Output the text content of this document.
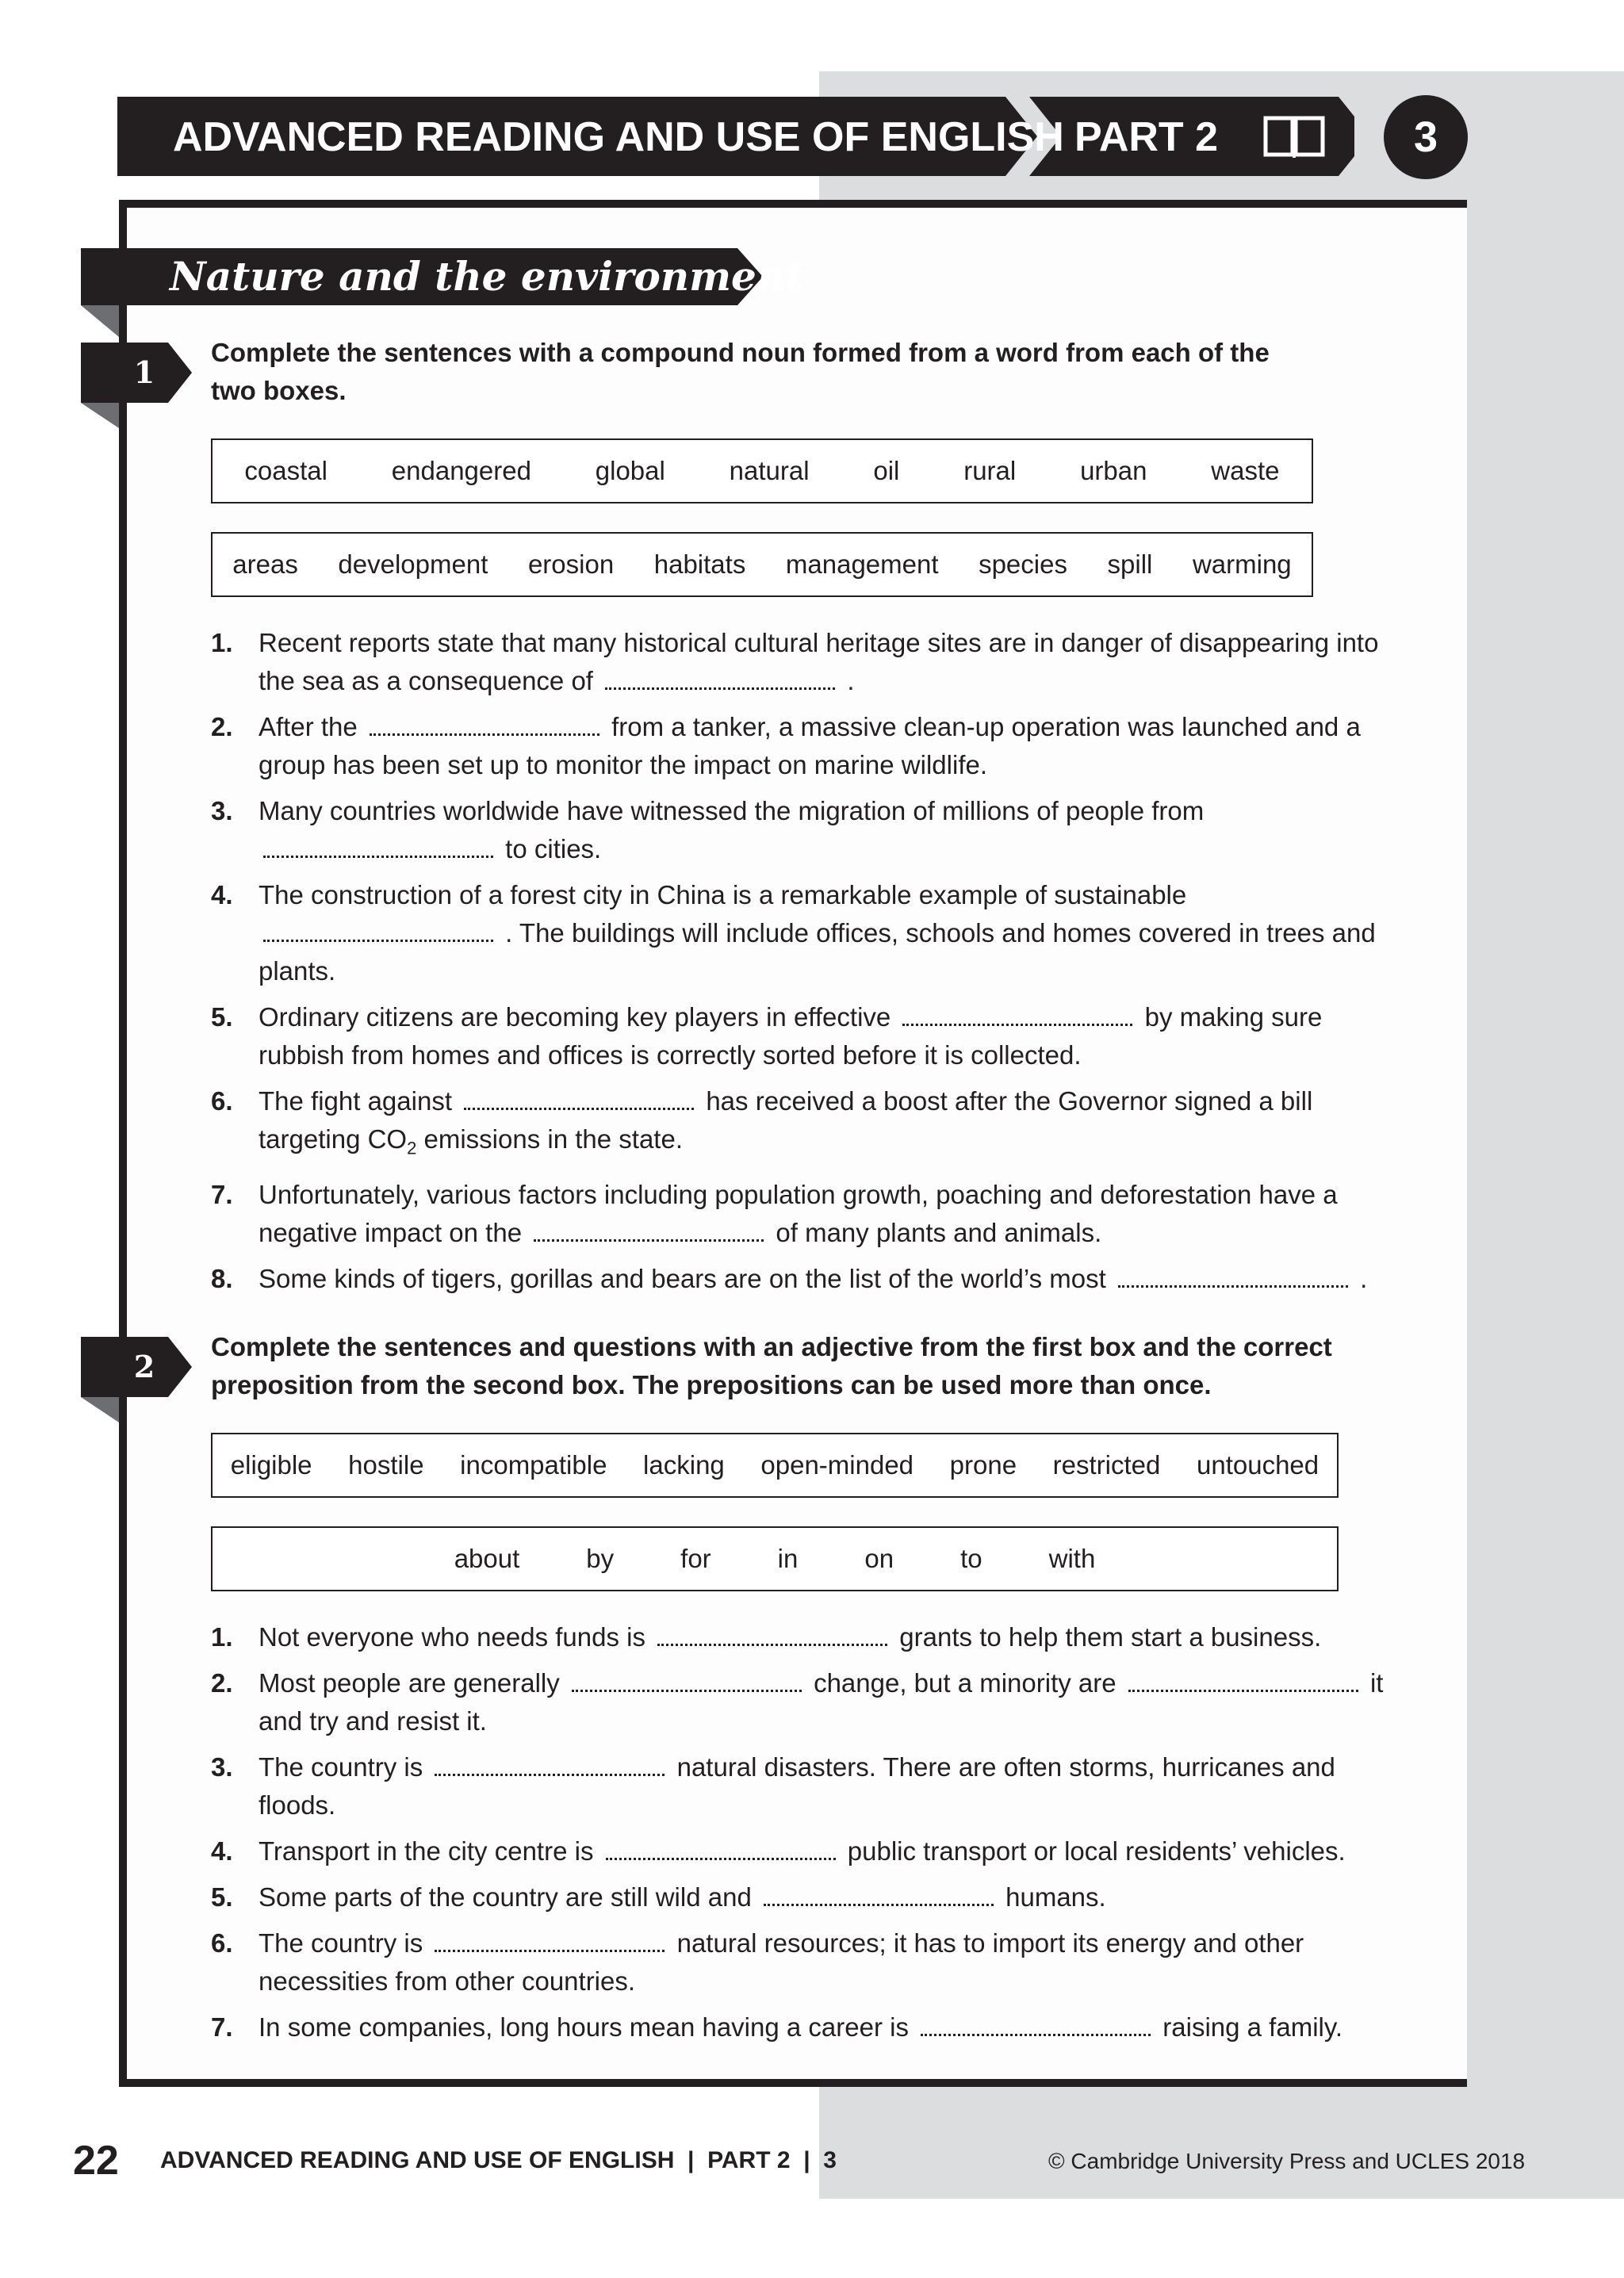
ADVANCED READING AND USE OF ENGLISH PART 2	3
Nature and the environment
1
Complete the sentences with a compound noun formed from a word from each of the two boxes.
coastal endangered global natural oil rural urban waste
areas development erosion habitats management species spill warming
1. Recent reports state that many historical cultural heritage sites are in danger of disappearing into the sea as a consequence of	.
2. After the	from a tanker, a massive clean-up operation was launched and a group has been set up to monitor the impact on marine wildlife.
3. Many countries worldwide have witnessed the migration of millions of people from  to cities.
4. The construction of a forest city in China is a remarkable example of sustainable  . The buildings will include offices, schools and homes covered in trees and plants.
5. Ordinary citizens are becoming key players in effective	by making sure rubbish from homes and offices is correctly sorted before it is collected.
6. The fight against	has received a boost after the Governor signed a bill targeting $CO_2$ emissions in the state.
7. Unfortunately, various factors including population growth, poaching and deforestation have a negative impact on the	of many plants and animals.
8. Some kinds of tigers, gorillas and bears are on the list of the world’s most	.
2
Complete the sentences and questions with an adjective from the first box and the correct preposition from the second box. The prepositions can be used more than once.
eligible hostile incompatible lacking open-minded prone restricted untouched
about	by	for	in	on	to	with
1. Not everyone who needs funds is	grants to help them start a business.
2. Most people are generally	change, but a minority are	it and try and resist it.
3. The country is	natural disasters. There are often storms, hurricanes and floods.
4. Transport in the city centre is	public transport or local residents’ vehicles.
5. Some parts of the country are still wild and	humans.
6. The country is	natural resources; it has to import its energy and other necessities from other countries.
7. In some companies, long hours mean having a career is	raising a family.
22 ADVANCED READING AND USE OF ENGLISH  |  PART 2  |  3	© Cambridge University Press and UCLES 2018
